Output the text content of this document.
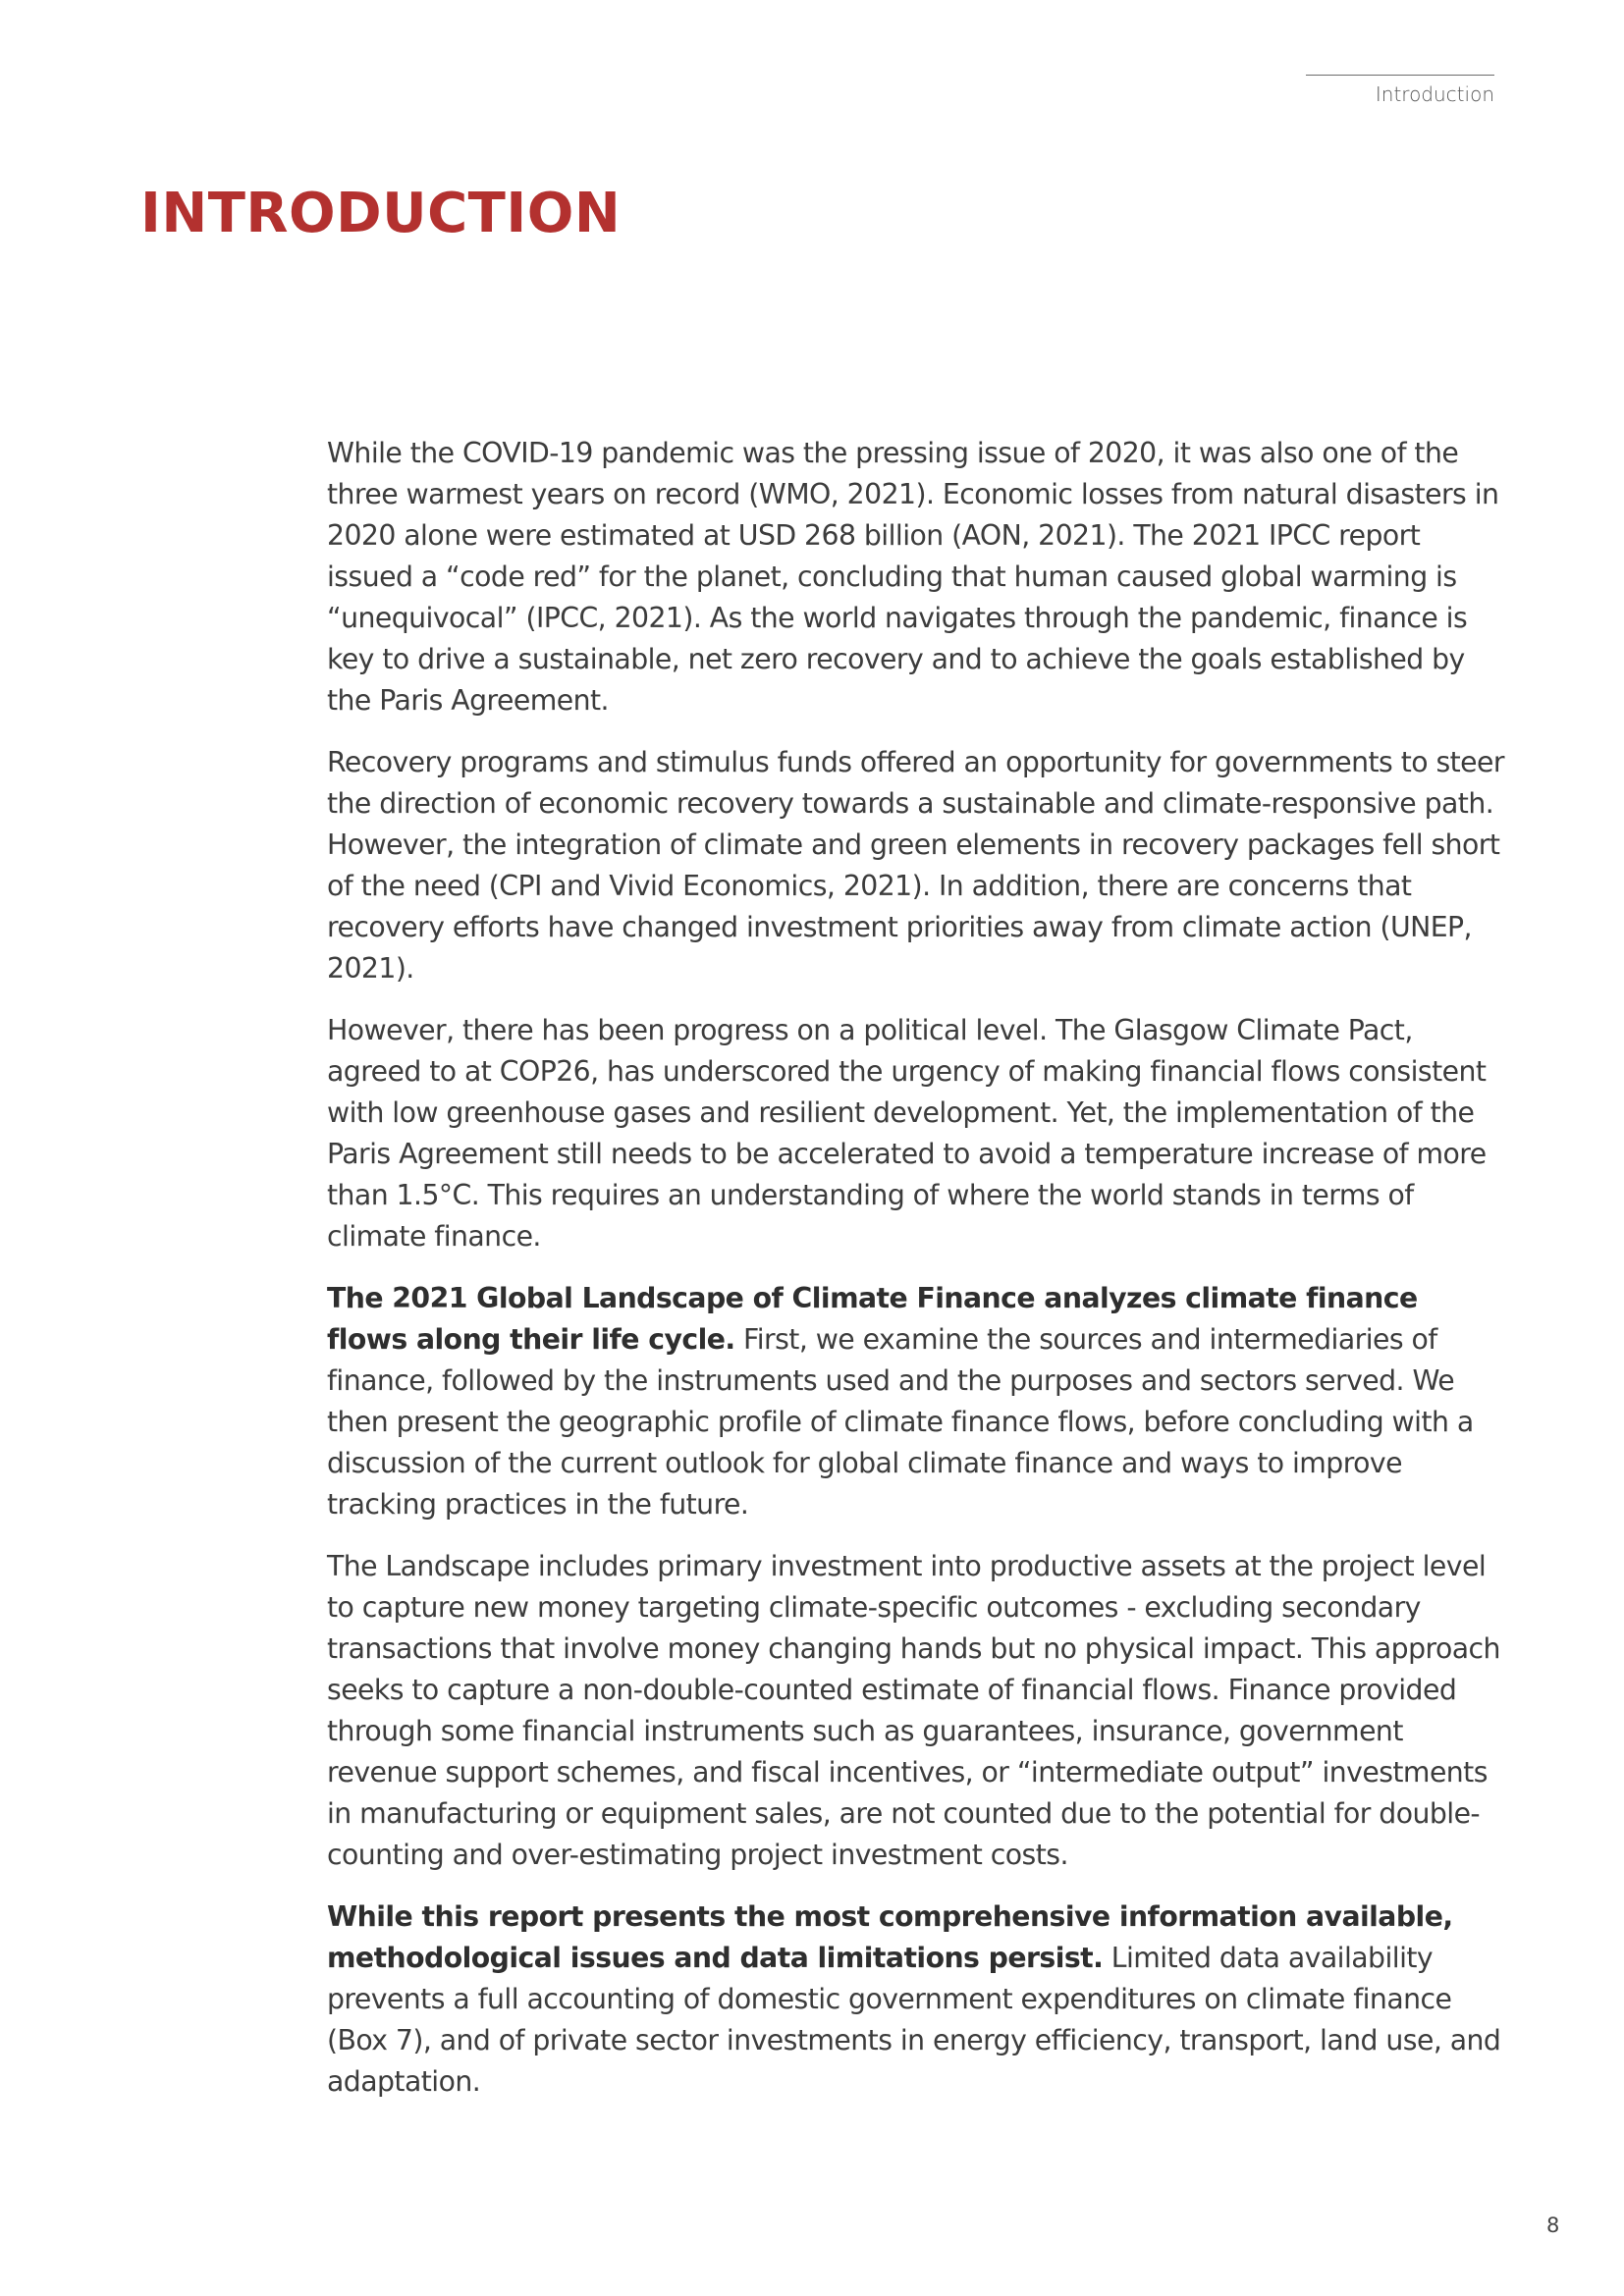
Introduction
INTRODUCTION

While the COVID-19 pandemic was the pressing issue of 2020, it was also one of the three warmest years on record (WMO, 2021). Economic losses from natural disasters in 2020 alone were estimated at USD 268 billion (AON, 2021). The 2021 IPCC report issued a “code red” for the planet, concluding that human caused global warming is “unequivocal” (IPCC, 2021). As the world navigates through the pandemic, finance is key to drive a sustainable, net zero recovery and to achieve the goals established by the Paris Agreement.

Recovery programs and stimulus funds offered an opportunity for governments to steer the direction of economic recovery towards a sustainable and climate-responsive path. However, the integration of climate and green elements in recovery packages fell short of the need (CPI and Vivid Economics, 2021). In addition, there are concerns that recovery efforts have changed investment priorities away from climate action (UNEP, 2021).

However, there has been progress on a political level. The Glasgow Climate Pact, agreed to at COP26, has underscored the urgency of making financial flows consistent with low greenhouse gases and resilient development. Yet, the implementation of the Paris Agreement still needs to be accelerated to avoid a temperature increase of more than 1.5°C. This requires an understanding of where the world stands in terms of climate finance.

The 2021 Global Landscape of Climate Finance analyzes climate finance flows along their life cycle. First, we examine the sources and intermediaries of finance, followed by the instruments used and the purposes and sectors served. We then present the geographic profile of climate finance flows, before concluding with a discussion of the current outlook for global climate finance and ways to improve tracking practices in the future.

The Landscape includes primary investment into productive assets at the project level to capture new money targeting climate-specific outcomes - excluding secondary transactions that involve money changing hands but no physical impact. This approach seeks to capture a non-double-counted estimate of financial flows. Finance provided through some financial instruments such as guarantees, insurance, government revenue support schemes, and fiscal incentives, or “intermediate output” investments in manufacturing or equipment sales, are not counted due to the potential for double-counting and over-estimating project investment costs.

While this report presents the most comprehensive information available, methodological issues and data limitations persist. Limited data availability prevents a full accounting of domestic government expenditures on climate finance (Box 7), and of private sector investments in energy efficiency, transport, land use, and adaptation.

8
